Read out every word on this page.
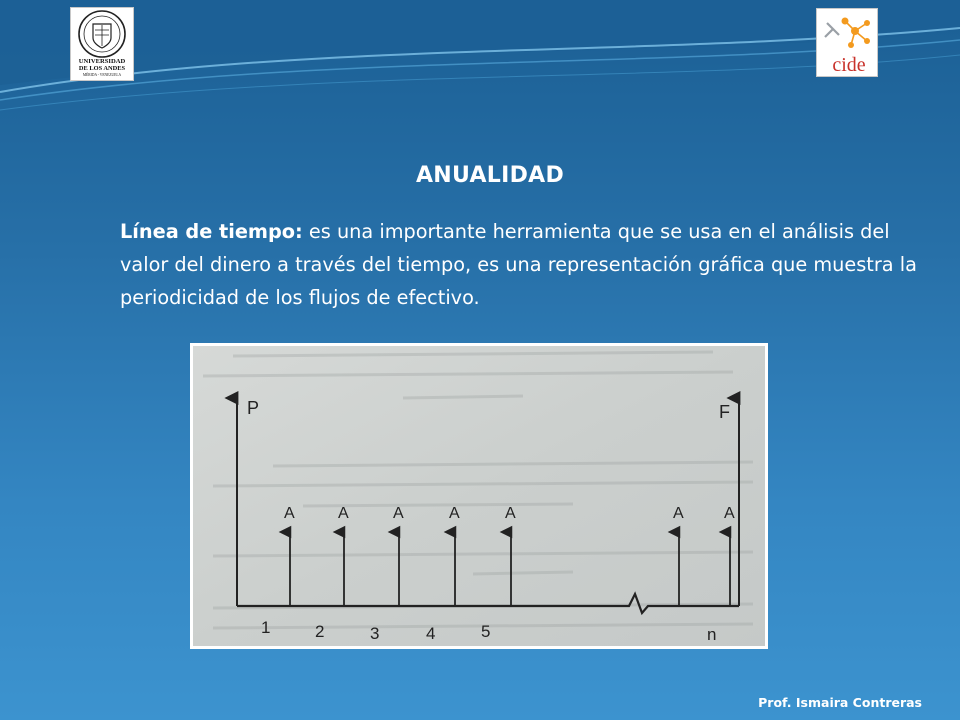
UNIVERSIDAD
DE LOS ANDES
MÉRIDA - VENEZUELA	cide
ANUALIDAD

Línea de tiempo: es una importante herramienta que se usa en el análisis del valor del dinero a través del tiempo, es una representación gráfica que muestra la periodicidad de los flujos de efectivo.

P	F
A	A	A	A	A	A	A
1	2	3	4	5	n
Prof. Ismaira Contreras
